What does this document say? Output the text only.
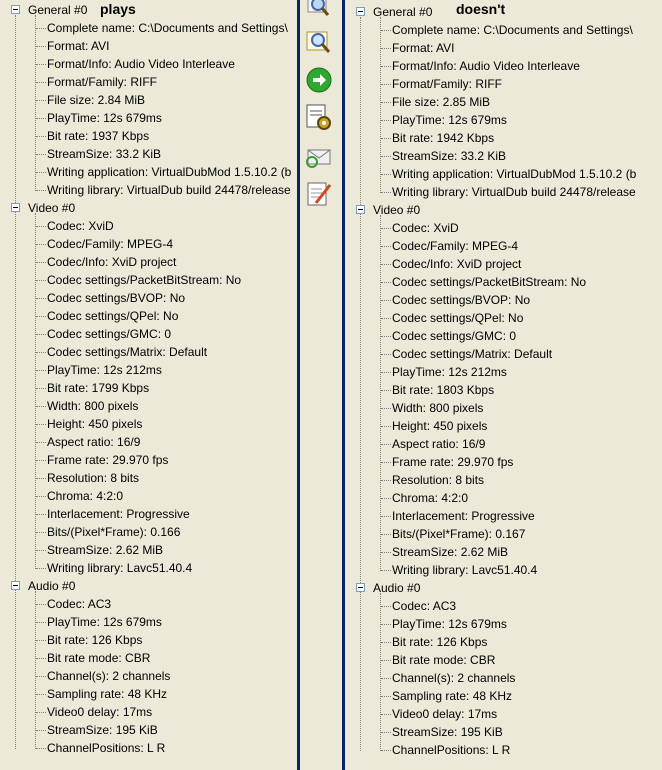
General #0 plays
Complete name: C:\Documents and Settings\
Format: AVI
Format/Info: Audio Video Interleave
Format/Family: RIFF
File size: 2.84 MiB
PlayTime: 12s 679ms
Bit rate: 1937 Kbps
StreamSize: 33.2 KiB
Writing application: VirtualDubMod 1.5.10.2 (b
Writing library: VirtualDub build 24478/release
Video #0
Codec: XviD
Codec/Family: MPEG-4
Codec/Info: XviD project
Codec settings/PacketBitStream: No
Codec settings/BVOP: No
Codec settings/QPel: No
Codec settings/GMC: 0
Codec settings/Matrix: Default
PlayTime: 12s 212ms
Bit rate: 1799 Kbps
Width: 800 pixels
Height: 450 pixels
Aspect ratio: 16/9
Frame rate: 29.970 fps
Resolution: 8 bits
Chroma: 4:2:0
Interlacement: Progressive
Bits/(Pixel*Frame): 0.166
StreamSize: 2.62 MiB
Writing library: Lavc51.40.4
Audio #0
Codec: AC3
PlayTime: 12s 679ms
Bit rate: 126 Kbps
Bit rate mode: CBR
Channel(s): 2 channels
Sampling rate: 48 KHz
Video0 delay: 17ms
StreamSize: 195 KiB
ChannelPositions: L R
General #0 doesn't
Complete name: C:\Documents and Settings\
Format: AVI
Format/Info: Audio Video Interleave
Format/Family: RIFF
File size: 2.85 MiB
PlayTime: 12s 679ms
Bit rate: 1942 Kbps
StreamSize: 33.2 KiB
Writing application: VirtualDubMod 1.5.10.2 (b
Writing library: VirtualDub build 24478/release
Video #0
Codec: XviD
Codec/Family: MPEG-4
Codec/Info: XviD project
Codec settings/PacketBitStream: No
Codec settings/BVOP: No
Codec settings/QPel: No
Codec settings/GMC: 0
Codec settings/Matrix: Default
PlayTime: 12s 212ms
Bit rate: 1803 Kbps
Width: 800 pixels
Height: 450 pixels
Aspect ratio: 16/9
Frame rate: 29.970 fps
Resolution: 8 bits
Chroma: 4:2:0
Interlacement: Progressive
Bits/(Pixel*Frame): 0.167
StreamSize: 2.62 MiB
Writing library: Lavc51.40.4
Audio #0
Codec: AC3
PlayTime: 12s 679ms
Bit rate: 126 Kbps
Bit rate mode: CBR
Channel(s): 2 channels
Sampling rate: 48 KHz
Video0 delay: 17ms
StreamSize: 195 KiB
ChannelPositions: L R
